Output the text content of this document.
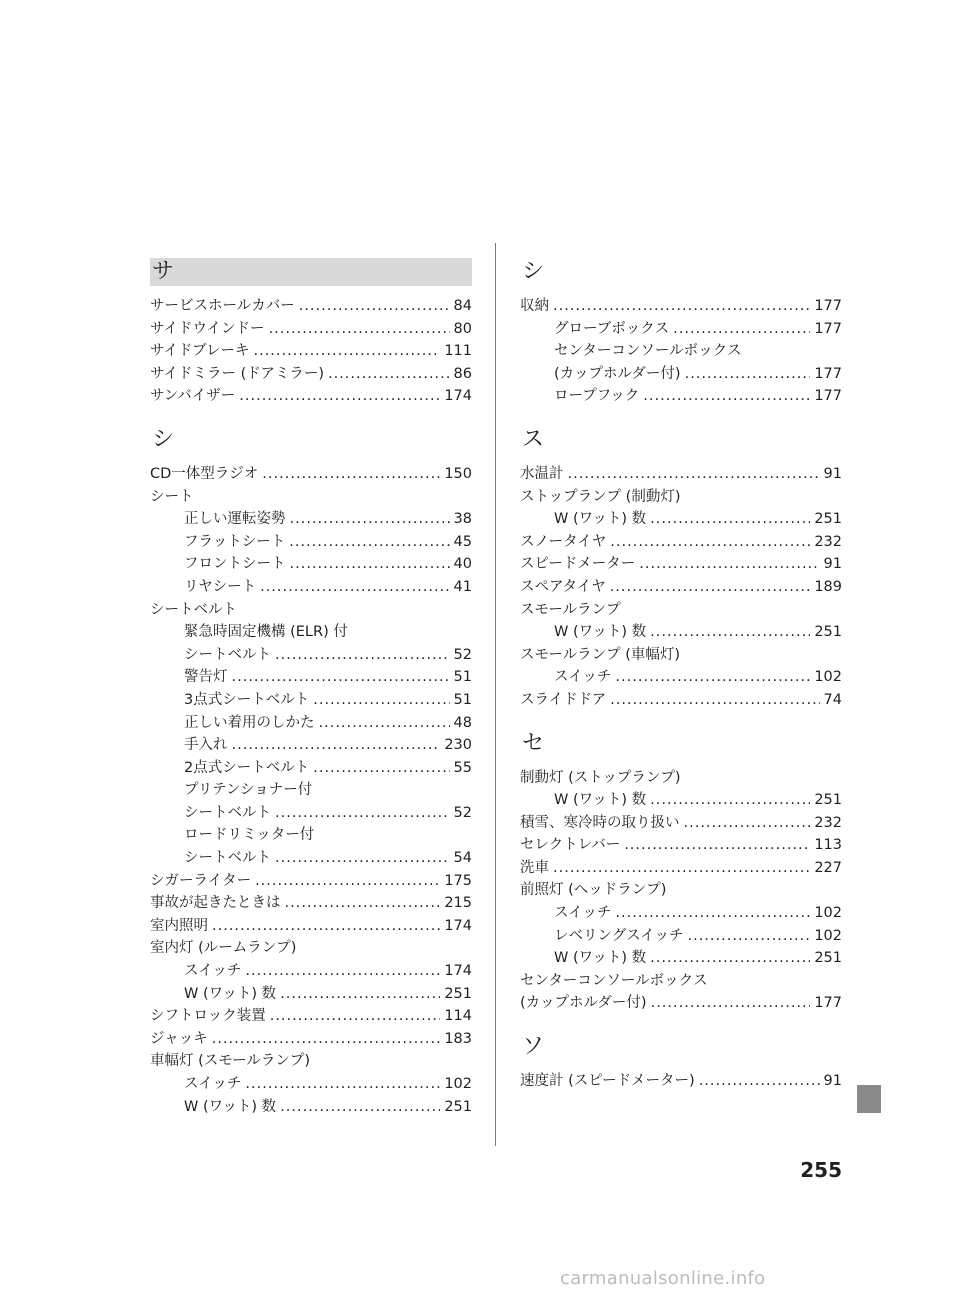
サ
サービスホールカバー .....	84
サイドウインドー .....	80
サイドブレーキ .....	111
サイドミラー (ドアミラー) .....	86
サンバイザー .....	174
シ
CD一体型ラジオ .....	150
シート
正しい運転姿勢 .....	38
フラットシート .....	45
フロントシート .....	40
リヤシート .....	41
シートベルト
緊急時固定機構 (ELR) 付
シートベルト .....	52
警告灯 .....	51
3点式シートベルト .....	51
正しい着用のしかた .....	48
手入れ .....	230
2点式シートベルト .....	55
プリテンショナー付
シートベルト .....	52
ロードリミッター付
シートベルト .....	54
シガーライター .....	175
事故が起きたときは .....	215
室内照明 .....	174
室内灯 (ルームランプ)
スイッチ .....	174
W (ワット) 数 .....	251
シフトロック装置 .....	114
ジャッキ .....	183
車幅灯 (スモールランプ)
スイッチ .....	102
W (ワット) 数 .....	251
シ
収納 .....	177
グローブボックス .....	177
センターコンソールボックス
(カップホルダー付) .....	177
ロープフック .....	177
ス
水温計 .....	91
ストップランプ (制動灯)
W (ワット) 数 .....	251
スノータイヤ .....	232
スピードメーター .....	91
スペアタイヤ .....	189
スモールランプ
W (ワット) 数 .....	251
スモールランプ (車幅灯)
スイッチ .....	102
スライドドア .....	74
セ
制動灯 (ストップランプ)
W (ワット) 数 .....	251
積雪、寒冷時の取り扱い .....	232
セレクトレバー .....	113
洗車 .....	227
前照灯 (ヘッドランプ)
スイッチ .....	102
レベリングスイッチ .....	102
W (ワット) 数 .....	251
センターコンソールボックス
(カップホルダー付) .....	177
ソ
速度計 (スピードメーター) .....	91
255
carmanualsonline.info
